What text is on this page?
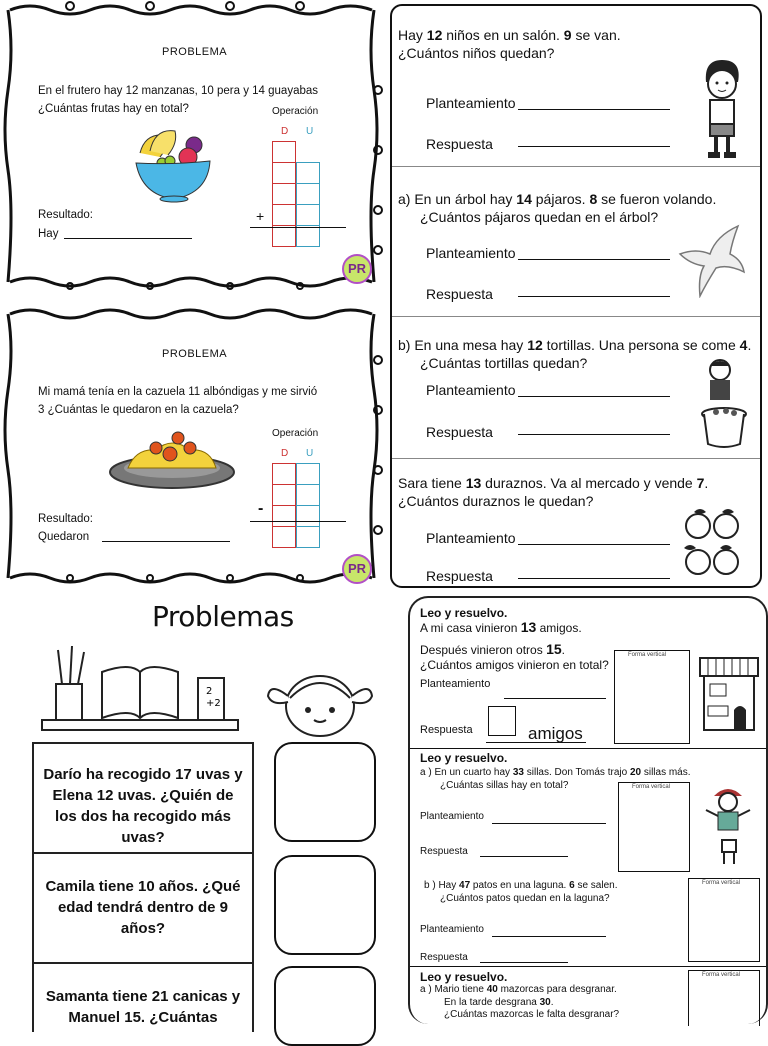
PROBLEMA
En el frutero hay 12 manzanas, 10 pera y 14 guayabas
¿Cuántas frutas hay en total?	Operación
D U
+
Resultado:
Hay
PR
PROBLEMA
Mi mamá tenía en la cazuela 11 albóndigas y me sirvió
3 ¿Cuántas le quedaron en la cazuela?
Operación
D U
-
Resultado:
Quedaron
PR
Hay 12 niños en un salón. 9 se van.
¿Cuántos niños quedan?
Planteamiento
Respuesta
a) En un árbol hay 14 pájaros. 8 se fueron volando.
¿Cuántos pájaros quedan en el árbol?
Planteamiento
Respuesta
b) En una mesa hay 12 tortillas. Una persona se come 4.
¿Cuántas tortillas quedan?
Planteamiento
Respuesta
Sara tiene 13 duraznos. Va al mercado y vende 7.
¿Cuántos duraznos le quedan?
Planteamiento
Respuesta
Problemas
2
+2
Darío ha recogido 17 uvas y Elena 12 uvas. ¿Quién de los dos ha recogido más uvas?
Camila tiene 10 años. ¿Qué edad tendrá dentro de 9 años?
Samanta tiene 21 canicas y Manuel 15. ¿Cuántas
Leo y resuelvo.
A mi casa vinieron 13 amigos.
Después vinieron otros 15.
¿Cuántos amigos vinieron en total?
Forma vertical
Planteamiento
Respuesta	amigos
Leo y resuelvo.
a ) En un cuarto hay 33 sillas. Don Tomás trajo 20 sillas más.
¿Cuántas sillas hay en total?	Forma vertical
Planteamiento
Respuesta
b ) Hay 47 patos en una laguna. 6 se salen.
¿Cuántos patos quedan en la laguna?
Forma vertical
Planteamiento
Respuesta
Leo y resuelvo.
a ) Mario tiene 40 mazorcas para desgranar.
En la tarde desgrana 30.
¿Cuántas mazorcas le falta desgranar?
Forma vertical
